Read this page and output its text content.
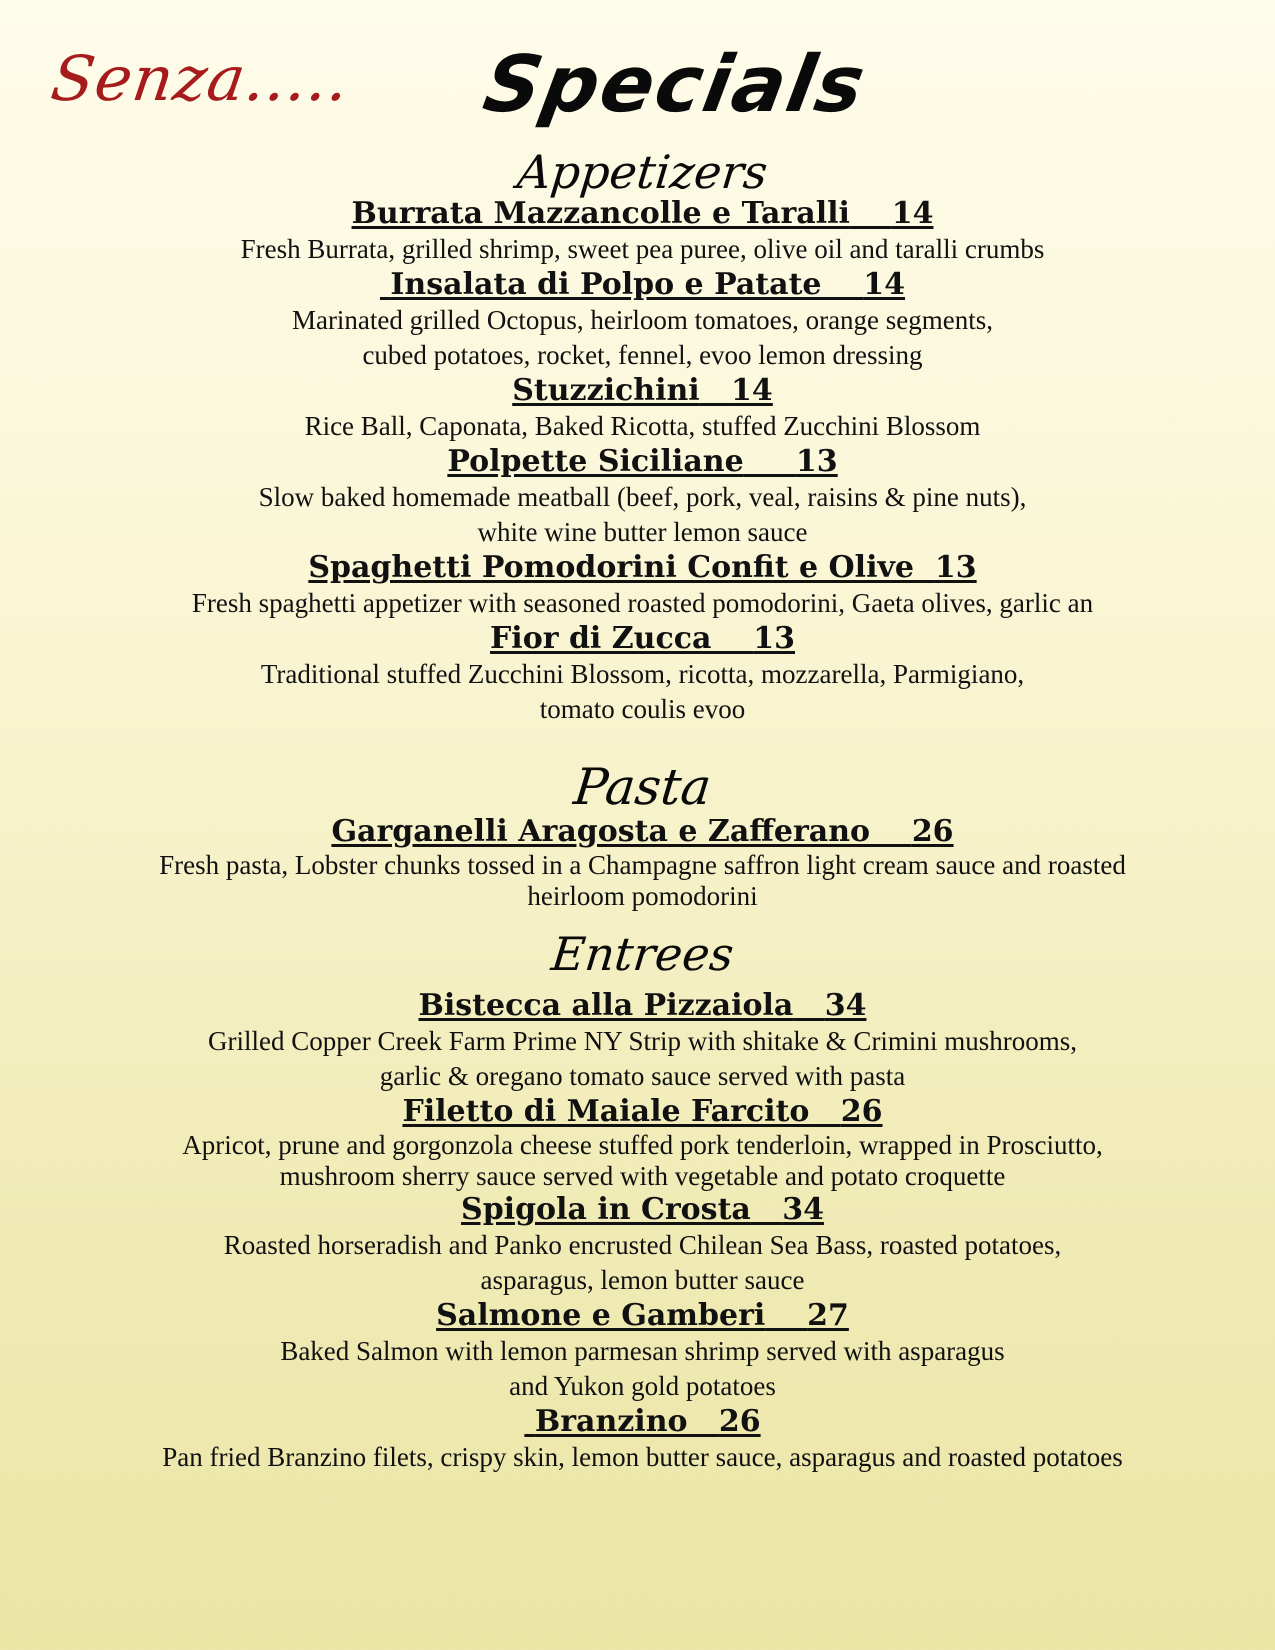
Senza.....	Specials
Appetizers
Burrata Mazzancolle e Taralli 14
Fresh Burrata, grilled shrimp, sweet pea puree, olive oil and taralli crumbs
Insalata di Polpo e Patate 14
Marinated grilled Octopus, heirloom tomatoes, orange segments,
cubed potatoes, rocket, fennel, evoo lemon dressing
Stuzzichini 14
Rice Ball, Caponata, Baked Ricotta, stuffed Zucchini Blossom
Polpette Siciliane 13
Slow baked homemade meatball (beef, pork, veal, raisins & pine nuts),
white wine butter lemon sauce
Spaghetti Pomodorini Confit e Olive 13
Fresh spaghetti appetizer with seasoned roasted pomodorini, Gaeta olives, garlic an
Fior di Zucca 13
Traditional stuffed Zucchini Blossom, ricotta, mozzarella, Parmigiano,
tomato coulis evoo
Pasta
Garganelli Aragosta e Zafferano 26
Fresh pasta, Lobster chunks tossed in a Champagne saffron light cream sauce and roasted
heirloom pomodorini
Entrees
Bistecca alla Pizzaiola 34
Grilled Copper Creek Farm Prime NY Strip with shitake & Crimini mushrooms,
garlic & oregano tomato sauce served with pasta
Filetto di Maiale Farcito 26
Apricot, prune and gorgonzola cheese stuffed pork tenderloin, wrapped in Prosciutto,
mushroom sherry sauce served with vegetable and potato croquette
Spigola in Crosta 34
Roasted horseradish and Panko encrusted Chilean Sea Bass, roasted potatoes,
asparagus, lemon butter sauce
Salmone e Gamberi 27
Baked Salmon with lemon parmesan shrimp served with asparagus
and Yukon gold potatoes
Branzino 26
Pan fried Branzino filets, crispy skin, lemon butter sauce, asparagus and roasted potatoes
